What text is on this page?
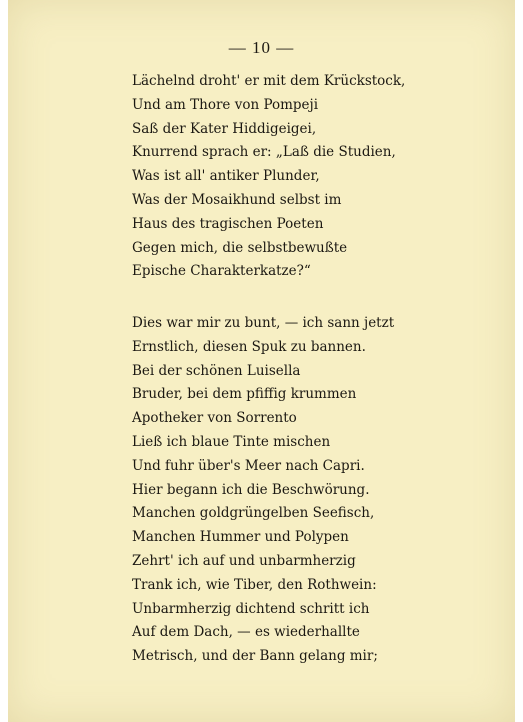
— 10 —
Lächelnd droht' er mit dem Krückstock,
Und am Thore von Pompeji
Saß der Kater Hiddigeigei,
Knurrend sprach er: „Laß die Studien,
Was ist all' antiker Plunder,
Was der Mosaikhund selbst im
Haus des tragischen Poeten
Gegen mich, die selbstbewußte
Epische Charakterkatze?“
Dies war mir zu bunt, — ich sann jetzt
Ernstlich, diesen Spuk zu bannen.
Bei der schönen Luisella
Bruder, bei dem pfiffig krummen
Apotheker von Sorrento
Ließ ich blaue Tinte mischen
Und fuhr über's Meer nach Capri.
Hier begann ich die Beschwörung.
Manchen goldgrüngelben Seefisch,
Manchen Hummer und Polypen
Zehrt' ich auf und unbarmherzig
Trank ich, wie Tiber, den Rothwein:
Unbarmherzig dichtend schritt ich
Auf dem Dach, — es wiederhallte
Metrisch, und der Bann gelang mir;
